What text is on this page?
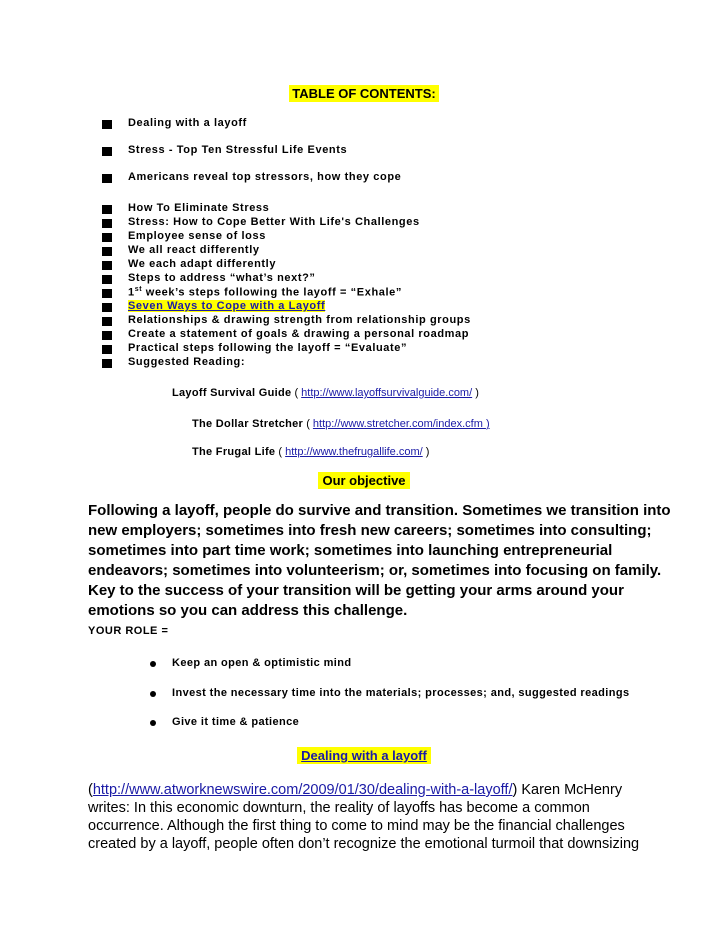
TABLE OF CONTENTS:
Dealing with a layoff
Stress - Top Ten Stressful Life Events
Americans reveal top stressors, how they cope
How To Eliminate Stress
Stress: How to Cope Better With Life's Challenges
Employee sense of loss
We all react differently
We each adapt differently
Steps to address “what’s next?”
1st week’s steps following the layoff = “Exhale”
Seven Ways to Cope with a Layoff
Relationships & drawing strength from relationship groups
Create a statement of goals & drawing a personal roadmap
Practical steps following the layoff = “Evaluate”
Suggested Reading:
Layoff Survival Guide ( http://www.layoffsurvivalguide.com/ )
The Dollar Stretcher ( http://www.stretcher.com/index.cfm )
The Frugal Life ( http://www.thefrugallife.com/ )
Our objective
Following a layoff, people do survive and transition. Sometimes we transition into
new employers; sometimes into fresh new careers; sometimes into consulting;
sometimes into part time work; sometimes into launching entrepreneurial
endeavors; sometimes into volunteerism; or, sometimes into focusing on family.
Key to the success of your transition will be getting your arms around your
emotions so you can address this challenge.
YOUR ROLE =
Keep an open & optimistic mind
Invest the necessary time into the materials; processes; and, suggested readings
Give it time & patience
Dealing with a layoff
(http://www.atworknewswire.com/2009/01/30/dealing-with-a-layoff/) Karen McHenry
writes: In this economic downturn, the reality of layoffs has become a common
occurrence. Although the first thing to come to mind may be the financial challenges
created by a layoff, people often don’t recognize the emotional turmoil that downsizing
